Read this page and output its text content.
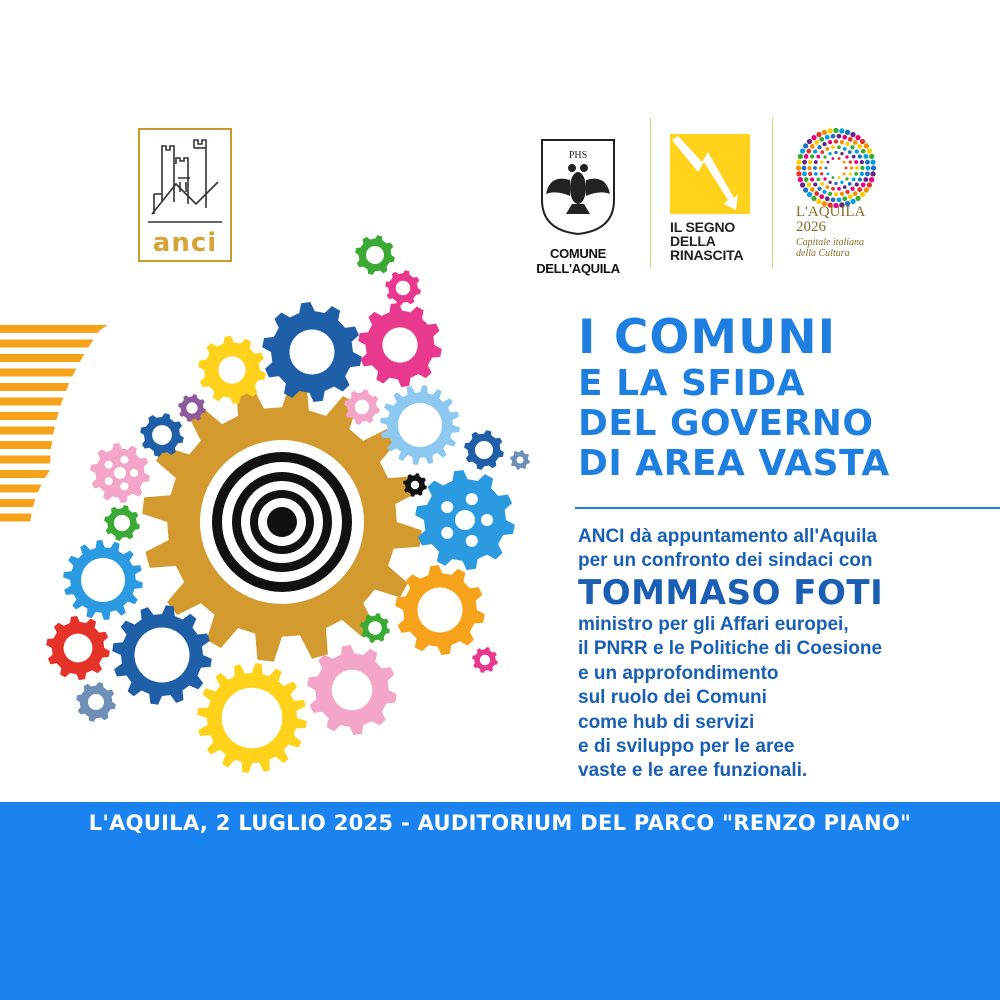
anci
PHS
COMUNE DELL'AQUILA
IL SEGNO
DELLA
RINASCITA
L'AQUILA
2026
Capitale italiana
della Cultura
I COMUNI
E LA SFIDA
DEL GOVERNO
DI AREA VASTA
ANCI dà appuntamento all'Aquila
per un confronto dei sindaci con
TOMMASO FOTI
ministro per gli Affari europei,
il PNRR e le Politiche di Coesione
e un approfondimento
sul ruolo dei Comuni
come hub di servizi
e di sviluppo per le aree
vaste e le aree funzionali.
L'AQUILA, 2 LUGLIO 2025 - AUDITORIUM DEL PARCO "RENZO PIANO"
